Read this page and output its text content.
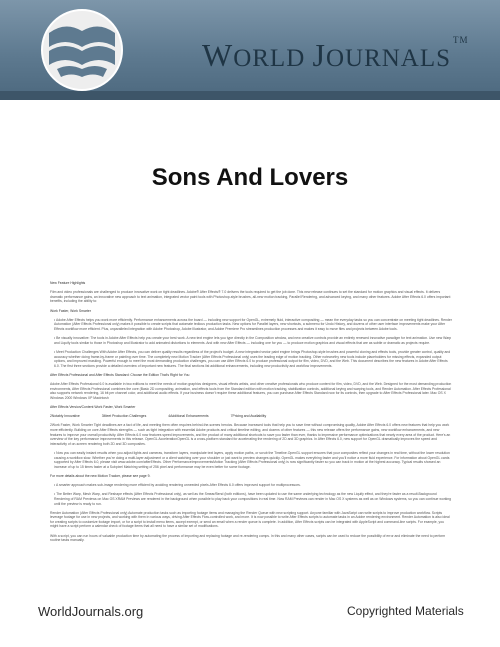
WORLD JOURNALS™
Sons And Lovers

New Feature Highlights

Film and video professionals are challenged to produce innovative work on tight deadlines. Adobe® After Effects® 7.0 delivers the tools required to get the job done. This new release continues to set the standard for motion graphics and visual effects. It delivers dramatic performance gains, an innovative new approach to text animation, integrated vector paint tools with Photoshop-style brushes, all-new motion tracking, Parallel Rendering, and advanced keying, and many other features. Adobe After Effects 6.0 offers important benefits, including the ability to:

Work Faster, Work Smarter

• Adobe After Effects helps you work more efficiently. Performance enhancements across the board — including new support for OpenGL, extremely fluid, interactive compositing — mean the everyday tasks so you can concentrate on meeting tight deadlines. Render Automation (After Effects Professional only) makes it possible to create scripts that automate tedious production tasks. New options for Parallel layers, new shortcuts, a submenu for Undo History, and dozens of other user interface improvements make your After Effects workflow more efficient. Plus, unparalleled integration with Adobe Photoshop, Adobe Illustrator, and Adobe Premiere Pro streamlines production processes and makes it easy to move files and projects between Adobe tools.

• Be visually innovative: The tools in Adobe After Effects help you create your best work. A new text engine lets you type directly in the Composition window, and new creative controls provide an entirely renewed innovative paradigm for text animation. Use new Warp and Liquify tools similar to those in Photoshop and Illustrator to add animated distortions to elements. And with new After Effects — including one for you — to produce motion graphics and visual effects that are as subtle or dramatic as projects require.

• Meet Production Challenges With Adobe After Effects, you can deliver quality results regardless of the project's budget. A new integrated vector paint engine brings Photoshop-style brushes and powerful cloning and effects tools, provide greater control, quality and accuracy whether doing frame-by-frame or painting over time. The completely new Motion Tracker (After Effects Professional only) uses the leading edge of motion tracking. Other noteworthy new tools include placeholders for missing effects, expanded output options, and improved masking. Powerful enough to meet the most demanding production challenges, you can use After Effects 6.0 to produce professional output for film, video, DVD, and the Web. This document describes the new features in Adobe After Effects 6.0. The first three sections provide a detailed overview of important new features. The final sections list additional enhancements, including new productivity and workflow improvements.

After Effects Professional and After Effects Standard: Choose the Edition That's Right for You

Adobe After Effects Professional 6.0 is available in two editions to meet the needs of motion graphics designers, visual effects artists, and other creative professionals who produce content for film, video, DVD, and the Web. Designed for the most demanding production environments, After Effects Professional combines the core (Basic 2D compositing, animation, and effects tools from the Standard edition with motion tracking, stabilization controls, additional keying and warping tools, and Render Automation. After Effects Professional also supports network rendering, 16 bit per channel color, and additional audio effects. If your business doesn't require these additional features, you can purchase After Effects Standard now for its controls, then upgrade to After Effects Professional later. Mac OS X Windows 2000 Windows XP Macintosh

After Effects Version/Content Work Faster, Work Smarter

2Notably Innovative	3Meet Production Challenges	4Additional Enhancements	7Pricing and Availability

2Work Faster, Work Smarter Tight deadlines are a fact of life, and meeting them often requires behind-the-scenes heroics. Because increased tools that help you to save time without compromising quality, Adobe After Effects 6.0 offers new features that help you work more efficiently. Building on core After Effects strengths — such as tight integration with essential Adobe products and critical timeline editing, and dozens of other features — this new release offers the performance gains, new workflow enhancements, and new features to improve your overall productivity. After Effects 6.0 now features speed improvements, and the product of many additional shortcuts to save you faster than ever, thanks to impressive performance optimizations that nearly every area of the product. Here's an overview of the key performance improvements in this release. OpenGL AccelerationOpenGL is a cross-platform standard for accelerating the rendering of 2D and 3D graphics. In After Effects 6.0, new support for OpenGL dramatically improves the speed and interactivity of on-screen rendering both 2D and 3D composites.

• Now you can easily instant results when you adjust lights and cameras, transform layers, manipulate text layers, apply motion paths, or scrub the Timeline.OpenGL support ensures that your composites reflect your changes in real time, without the lower resolution causing a workflow slow. Whether you're doing a multi-layer adjustment or a client watching over your shoulder or just want to preview changes quickly. OpenGL makes everything faster and you'll notice a more fluid experience. For information about OpenGL cards supported by After Effects 6.0, please visit www.adobe.com/afterEffects. Other PerformanceImprovementsMotion Tracking (After Effects Professional only) is now significantly faster so you can track in motion at the highest accuracy. Typical results showed an increase of up to 15 times faster at a Subpixel Matching setting of 256 pixel and performance may be even better for some footage.

For more details about the new Motion Tracker, please see page 9.

• A smarter approach makes sub-image rendering more efficient by avoiding rendering unneeded pixels.After Effects 6.0 offers improved support for multiprocessors.

• The Better Warp, Mesh Warp, and Reshape effects (After Effects Professional only), as well as the Smear/Bend (both editions), have been updated to use the same underlying technology as the new Liquify effect, and they're faster as a result.Background Rendering of RAM Previews on Mac OS XRAM Previews are rendered in the background when possible to play back your compositions in real time. Now RAM Previews can render in Mac OS X systems as well as on Windows systems, so you can continue working until the preview is ready to run.

Render Automation (After Effects Professional only) Automate production tasks such as importing footage items and managing the Render Queue with new scripting support. Anyone familiar with JavaScript can write scripts to improve production workflow. Scripts leverage footage for use in new projects, and working with them in various ways, driving After Effects Flow-controlled work, and more. It is now possible to write After Effects scripts to automate tasks in an Adobe rendering environment. Render Automation is also ideal for creating scripts to customize footage import, or for a script to install menu items, accept exempt, or send an email when a render queue is complete. In addition, After Effects scripts can be integrated with AppleScript and command-line scripts. For example, you might have a script perform a calendar check of footage items that all need to have a similar set of modifications.

With a script, you can run hours of valuable production time by automating the process of importing and replacing footage and re-rendering comps. In this and many other cases, scripts can be used to reduce the possibility of error and eliminate the need to perform routine tasks manually.

WorldJournals.org	Copyrighted Materials
